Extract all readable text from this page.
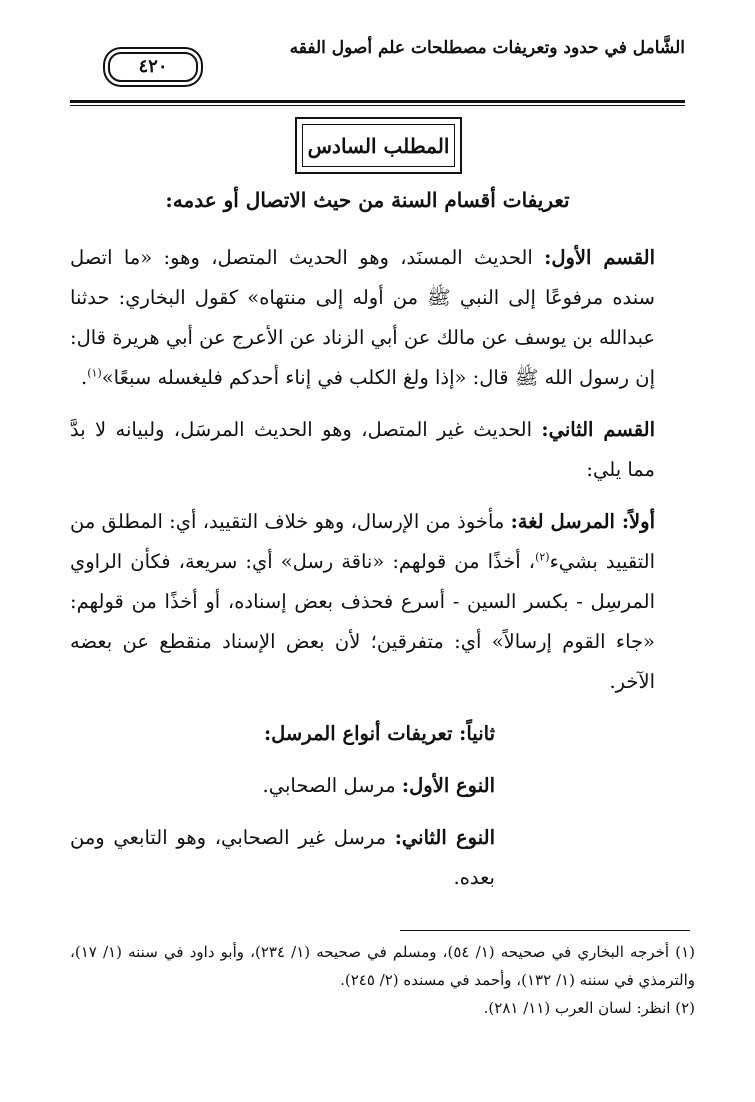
الشَّامل في حدود وتعريفات مصطلحات علم أصول الفقه
٤٢٠
المطلب السادس
تعريفات أقسام السنة من حيث الاتصال أو عدمه:

القسم الأول: الحديث المسنَد، وهو الحديث المتصل، وهو: «ما اتصل سنده مرفوعًا إلى النبي ﷺ من أوله إلى منتهاه» كقول البخاري: حدثنا عبدالله بن يوسف عن مالك عن أبي الزناد عن الأعرج عن أبي هريرة قال: إن رسول الله ﷺ قال: «إذا ولغ الكلب في إناء أحدكم فليغسله سبعًا»$^{(١)}$.

القسم الثاني: الحديث غير المتصل، وهو الحديث المرسَل، ولبيانه لا بدَّ مما يلي:

أولاً: المرسل لغة: مأخوذ من الإرسال، وهو خلاف التقييد، أي: المطلق من التقييد بشيء$^{(٢)}$، أخذًا من قولهم: «ناقة رسل» أي: سريعة، فكأن الراوي المرسِل - بكسر السين - أسرع فحذف بعض إسناده، أو أخذًا من قولهم: «جاء القوم إرسالاً» أي: متفرقين؛ لأن بعض الإسناد منقطع عن بعضه الآخر.

ثانياً: تعريفات أنواع المرسل:

النوع الأول: مرسل الصحابي.

النوع الثاني: مرسل غير الصحابي، وهو التابعي ومن بعده.

(١) أخرجه البخاري في صحيحه (١/ ٥٤)، ومسلم في صحيحه (١/ ٢٣٤)، وأبو داود في سننه (١/ ١٧)، والترمذي في سننه (١/ ١٣٢)، وأحمد في مسنده (٢/ ٢٤٥).

(٢) انظر: لسان العرب (١١/ ٢٨١).
